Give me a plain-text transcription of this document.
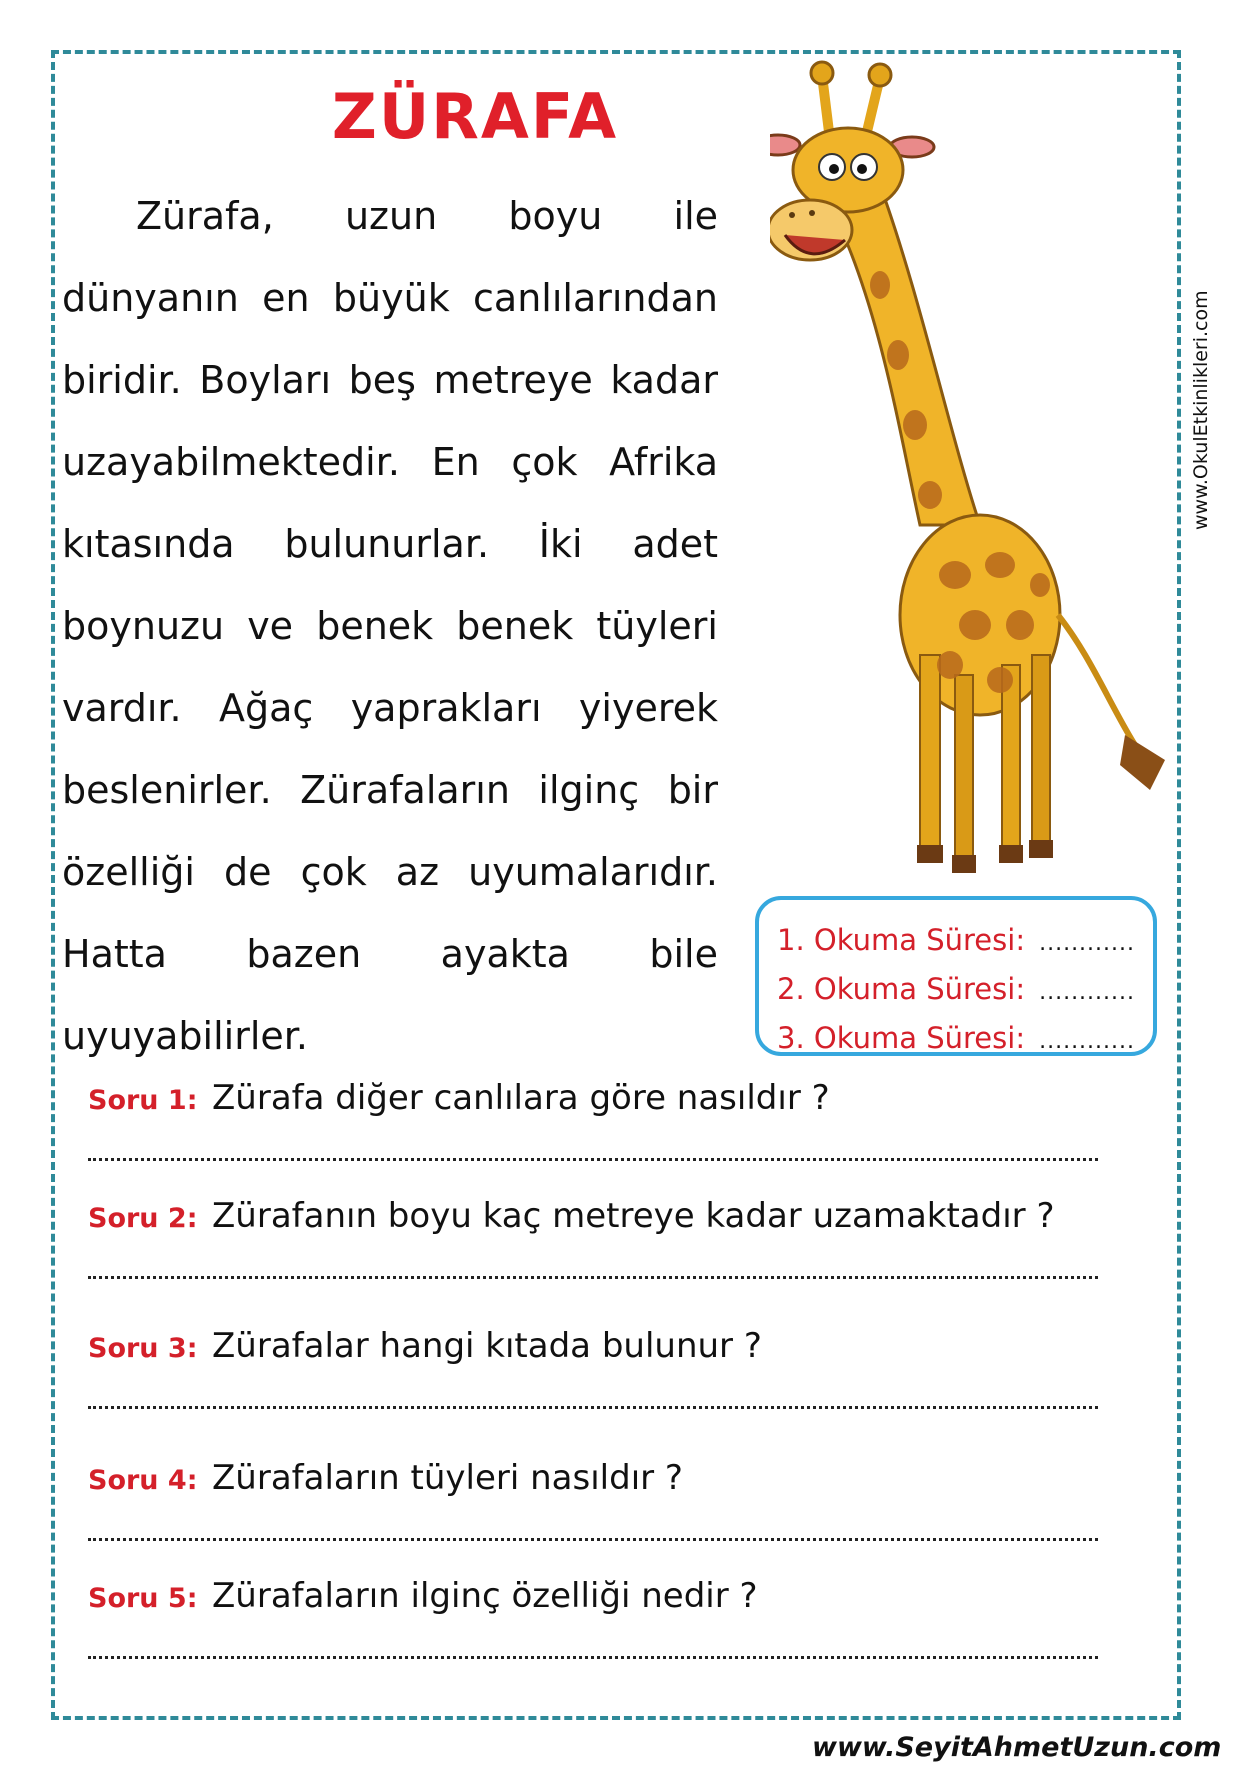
ZÜRAFA
Zürafa, uzun boyu ile
dünyanın en büyük canlılarından
biridir. Boyları beş metreye kadar
uzayabilmektedir. En çok Afrika
kıtasında bulunurlar. İki adet
boynuzu ve benek benek tüyleri
vardır. Ağaç yaprakları yiyerek
beslenirler. Zürafaların ilginç bir
özelliği de çok az uyumalarıdır.
Hatta bazen ayakta bile
uyuyabilirler.
www.OkulEtkinlikleri.com
1. Okuma Süresi: ............
2. Okuma Süresi: ............
3. Okuma Süresi: ............
Soru 1: Zürafa diğer canlılara göre nasıldır ?
Soru 2: Zürafanın boyu kaç metreye kadar uzamaktadır ?
Soru 3: Zürafalar hangi kıtada bulunur ?
Soru 4: Zürafaların tüyleri nasıldır ?
Soru 5: Zürafaların ilginç özelliği nedir ?
www.SeyitAhmetUzun.com
